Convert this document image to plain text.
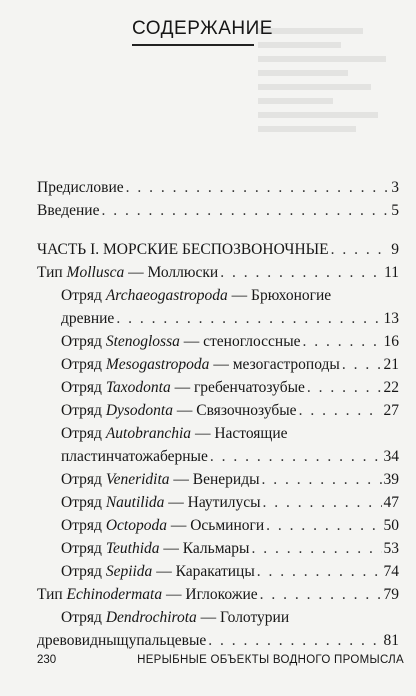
СОДЕРЖАНИЕ
Предисловие . . .	3
Введение . . .	5
ЧАСТЬ I. МОРСКИЕ БЕСПОЗВОНОЧНЫЕ . . .	9
Тип Mollusca — Моллюски . . .	11
Отряд Archaeogastropoda — Брюхоногие
древние . . .	13
Отряд Stenoglossa — стеноглоссные . . .	16
Отряд Mesogastropoda — мезогастроподы . . .	21
Отряд Taxodonta — гребенчатозубые . . .	22
Отряд Dysodonta — Связочнозубые . . .	27
Отряд Autobranchia — Настоящие
пластинчатожаберные . . .	34
Отряд Veneridita — Венериды . . .	39
Отряд Nautilida — Наутилусы . . .	47
Отряд Octopoda — Осьминоги . . .	50
Отряд Teuthida — Кальмары . . .	53
Отряд Sepiida — Каракатицы . . .	74
Тип Echinodermata — Иглокожие . . .	79
Отряд Dendrochirota — Голотурии
древовидныщупальцевые . . .	81
230	НЕРЫБНЫЕ ОБЪЕКТЫ ВОДНОГО ПРОМЫСЛА
